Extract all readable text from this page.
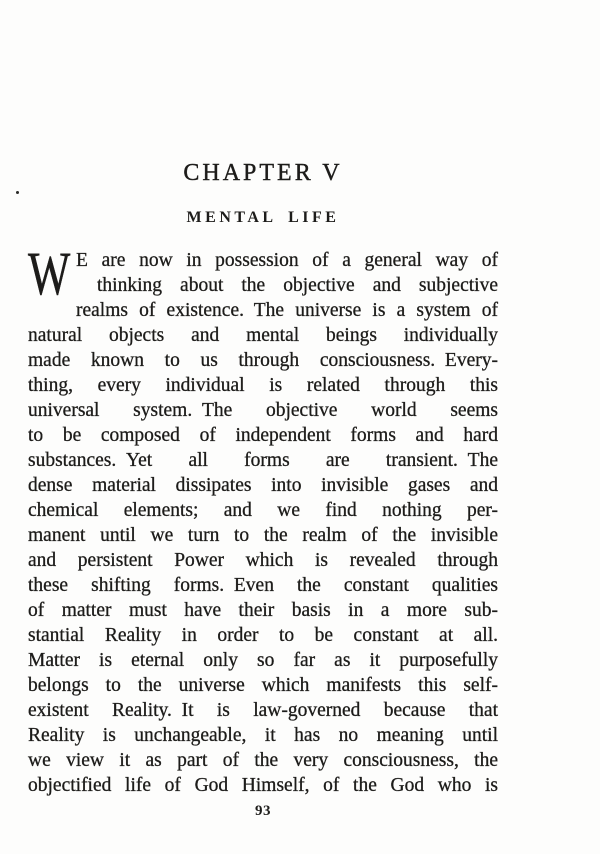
CHAPTER V
MENTAL LIFE
W E are now in possession of a general way of
thinking about the objective and subjective
realms of existence. The universe is a system of
natural objects and mental beings individually
made known to us through consciousness. Every-
thing, every individual is related through this
universal system. The objective world seems
to be composed of independent forms and hard
substances. Yet all forms are transient. The
dense material dissipates into invisible gases and
chemical elements; and we find nothing per-
manent until we turn to the realm of the invisible
and persistent Power which is revealed through
these shifting forms. Even the constant qualities
of matter must have their basis in a more sub-
stantial Reality in order to be constant at all.
Matter is eternal only so far as it purposefully
belongs to the universe which manifests this self-
existent Reality. It is law-governed because that
Reality is unchangeable, it has no meaning until
we view it as part of the very consciousness, the
objectified life of God Himself, of the God who is
93
